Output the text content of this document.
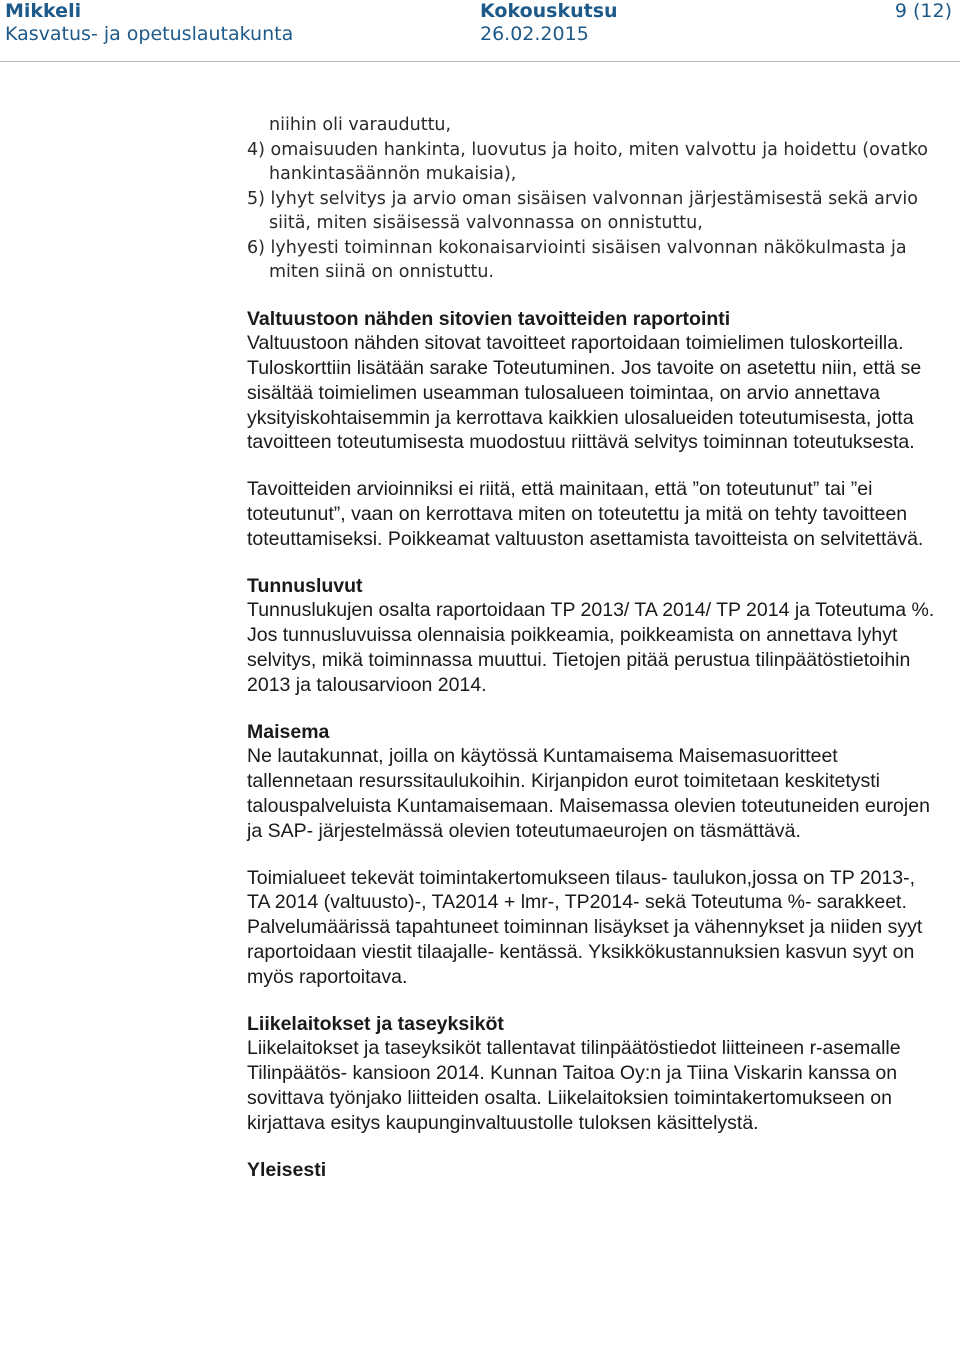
Mikkeli	Kokouskutsu	9 (12)
Kasvatus- ja opetuslautakunta	26.02.2015
niihin oli varauduttu,
4) omaisuuden hankinta, luovutus ja hoito, miten valvottu ja hoidettu (ovatko hankintasäännön mukaisia),
5) lyhyt selvitys ja arvio oman sisäisen valvonnan järjestämisestä sekä arvio siitä, miten sisäisessä valvonnassa on onnistuttu,
6) lyhyesti toiminnan kokonaisarviointi sisäisen valvonnan näkökulmasta ja miten siinä on onnistuttu.
Valtuustoon nähden sitovien tavoitteiden raportointi

Valtuustoon nähden sitovat tavoitteet raportoidaan toimielimen tuloskorteilla. Tuloskorttiin lisätään sarake Toteutuminen. Jos tavoite on asetettu niin, että se sisältää toimielimen useamman tulosalueen toimintaa, on arvio annettava yksityiskohtaisemmin ja kerrottava kaikkien ulosalueiden toteutumisesta, jotta tavoitteen toteutumisesta muodostuu riittävä selvitys toiminnan toteutuksesta.

Tavoitteiden arvioinniksi ei riitä, että mainitaan, että ”on toteutunut” tai ”ei toteutunut”, vaan on kerrottava miten on toteutettu ja mitä on tehty tavoitteen toteuttamiseksi. Poikkeamat valtuuston asettamista tavoitteista on selvitettävä.

Tunnusluvut

Tunnuslukujen osalta raportoidaan TP 2013/ TA 2014/ TP 2014 ja Toteutuma %. Jos tunnusluvuissa olennaisia poikkeamia, poikkeamista on annettava lyhyt selvitys, mikä toiminnassa muuttui. Tietojen pitää perustua tilinpäätöstietoihin 2013 ja talousarvioon 2014.

Maisema

Ne lautakunnat, joilla on käytössä Kuntamaisema Maisemasuoritteet tallennetaan resurssitaulukoihin. Kirjanpidon eurot toimitetaan keskitetysti talouspalveluista Kuntamaisemaan. Maisemassa olevien toteutuneiden eurojen ja SAP- järjestelmässä olevien toteutumaeurojen on täsmättävä.

Toimialueet tekevät toimintakertomukseen tilaus- taulukon,jossa on TP 2013-, TA 2014 (valtuusto)-, TA2014 + lmr-, TP2014- sekä Toteutuma %- sarakkeet. Palvelumäärissä tapahtuneet toiminnan lisäykset ja vähennykset ja niiden syyt raportoidaan viestit tilaajalle- kentässä. Yksikkökustannuksien kasvun syyt on myös raportoitava.

Liikelaitokset ja taseyksiköt

Liikelaitokset ja taseyksiköt tallentavat tilinpäätöstiedot liitteineen r-asemalle Tilinpäätös- kansioon 2014. Kunnan Taitoa Oy:n ja Tiina Viskarin kanssa on sovittava työnjako liitteiden osalta. Liikelaitoksien toimintakertomukseen on kirjattava esitys kaupunginvaltuustolle tuloksen käsittelystä.

Yleisesti
